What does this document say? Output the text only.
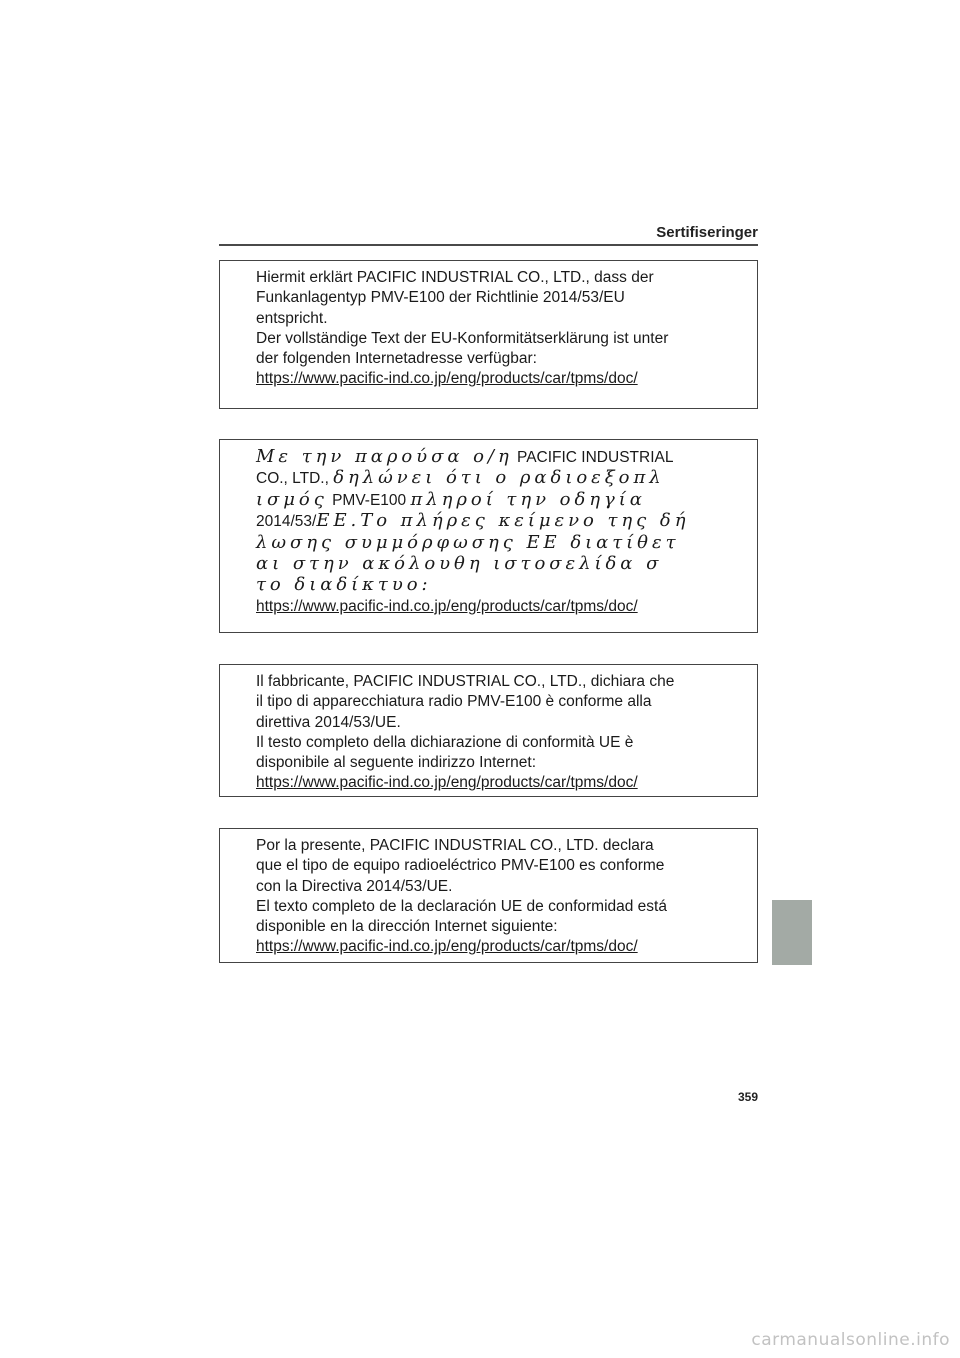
Sertifiseringer

Hiermit erklärt PACIFIC INDUSTRIAL CO., LTD., dass der

Funkanlagentyp PMV-E100 der Richtlinie 2014/53/EU

entspricht.

Der vollständige Text der EU-Konformitätserklärung ist unter

der folgenden Internetadresse verfügbar:

https://www.pacific-ind.co.jp/eng/products/car/tpms/doc/

Με την παρούσα ο/η PACIFIC INDUSTRIAL

CO., LTD., δηλώνει ότι ο ραδιοεξοπλ

ισμός PMV-E100 πληροί την οδηγία

2014/53/ΕΕ.Το πλήρες κείμενο της δή

λωσης συμμόρφωσης ΕΕ διατίθετ

αι στην ακόλουθη ιστοσελίδα σ

το διαδίκτυο:

https://www.pacific-ind.co.jp/eng/products/car/tpms/doc/

Il fabbricante, PACIFIC INDUSTRIAL CO., LTD., dichiara che

il tipo di apparecchiatura radio PMV-E100 è conforme alla

direttiva 2014/53/UE.

Il testo completo della dichiarazione di conformità UE è

disponibile al seguente indirizzo Internet:

https://www.pacific-ind.co.jp/eng/products/car/tpms/doc/

Por la presente, PACIFIC INDUSTRIAL CO., LTD. declara

que el tipo de equipo radioeléctrico PMV-E100 es conforme

con la Directiva 2014/53/UE.

El texto completo de la declaración UE de conformidad está

disponible en la dirección Internet siguiente:

https://www.pacific-ind.co.jp/eng/products/car/tpms/doc/

359
carmanualsonline.info
